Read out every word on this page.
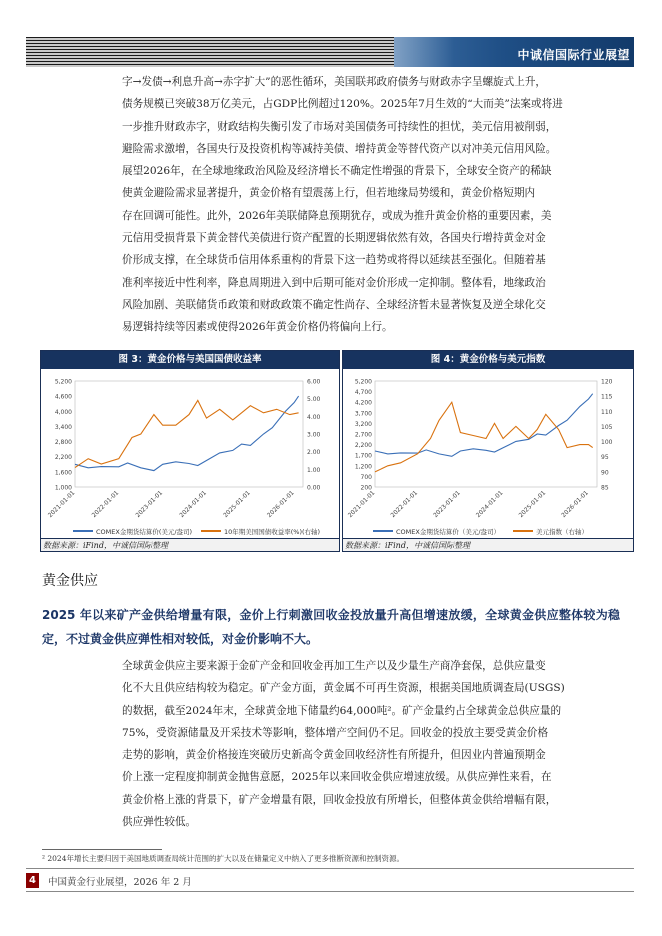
中诚信国际行业展望
字→发债→利息升高→赤字扩大”的恶性循环，美国联邦政府债务与财政赤字呈螺旋式上升，
债务规模已突破38万亿美元，占GDP比例超过120%。2025年7月生效的“大而美”法案或将进
一步推升财政赤字，财政结构失衡引发了市场对美国债务可持续性的担忧，美元信用被削弱，
避险需求激增，各国央行及投资机构等减持美债、增持黄金等替代资产以对冲美元信用风险。
展望2026年，在全球地缘政治风险及经济增长不确定性增强的背景下，全球安全资产的稀缺
使黄金避险需求显著提升，黄金价格有望震荡上行，但若地缘局势缓和，黄金价格短期内
存在回调可能性。此外，2026年美联储降息预期犹存，或成为推升黄金价格的重要因素，美
元信用受损背景下黄金替代美债进行资产配置的长期逻辑依然有效，各国央行增持黄金对金
价形成支撑，在全球货币信用体系重构的背景下这一趋势或将得以延续甚至强化。但随着基
准利率接近中性利率，降息周期进入到中后期可能对金价形成一定抑制。整体看，地缘政治
风险加剧、美联储货币政策和财政政策不确定性尚存、全球经济暂未显著恢复及逆全球化交
易逻辑持续等因素或使得2026年黄金价格仍将偏向上行。
图 3：黄金价格与美国国债收益率
5,200
4,600
4,000
3,400
2,800
2,200
1,600
1,000
6.00
5.00
4.00
3.00
2.00
1.00
0.00
2021-01-01 2022-01-01 2023-01-01 2024-01-01 2025-01-01 2026-01-01
COMEX金期货结算价(美元/盎司)	10年期美国国债收益率(%)(右轴)
数据来源：iFind，中诚信国际整理
图 4：黄金价格与美元指数
5,200
4,700
4,200
3,700
3,200
2,700
2,200
1,700
1,200
700
200
120
115
110
105
100
95
90
85
2021-01-01 2022-01-01 2023-01-01 2024-01-01 2025-01-01 2026-01-01
COMEX金期货结算价（美元/盎司）	美元指数（右轴）
数据来源：iFind，中诚信国际整理
黄金供应
2025 年以来矿产金供给增量有限，金价上行刺激回收金投放量升高但增速放缓，全球黄金供应整体较为稳定，不过黄金供应弹性相对较低，对金价影响不大。
全球黄金供应主要来源于金矿产金和回收金再加工生产以及少量生产商净套保，总供应量变
化不大且供应结构较为稳定。矿产金方面，黄金属不可再生资源，根据美国地质调查局(USGS)
的数据，截至2024年末，全球黄金地下储量约64,000吨²。矿产金量约占全球黄金总供应量的
75%，受资源储量及开采技术等影响，整体增产空间仍不足。回收金的投放主要受黄金价格
走势的影响，黄金价格接连突破历史新高令黄金回收经济性有所提升，但因业内普遍预期金
价上涨一定程度抑制黄金抛售意愿，2025年以来回收金供应增速放缓。从供应弹性来看，在
黄金价格上涨的背景下，矿产金增量有限，回收金投放有所增长，但整体黄金供给增幅有限，
供应弹性较低。
² 2024年增长主要归因于美国地质调查局统计范围的扩大以及在储量定义中纳入了更多推断资源和控制资源。
4	中国黄金行业展望，2026 年 2 月
